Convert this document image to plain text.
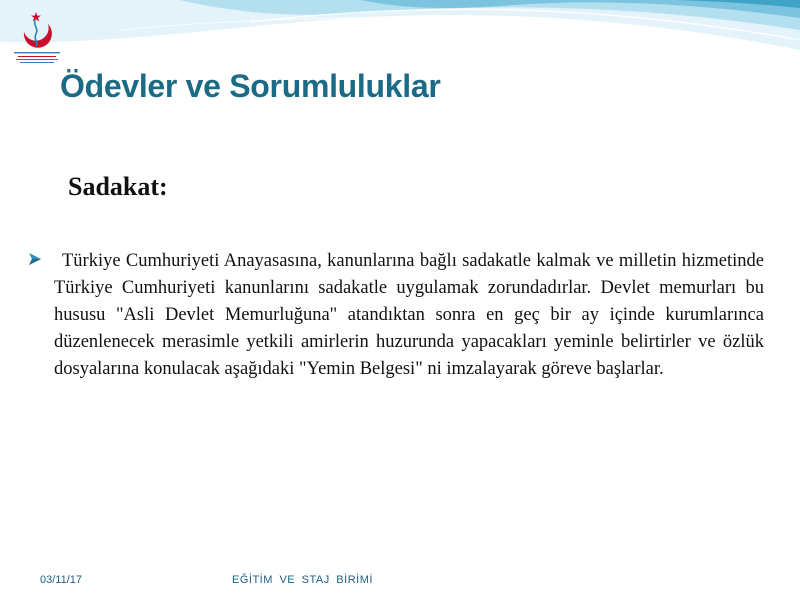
Ödevler ve Sorumluluklar
Sadakat:

Türkiye Cumhuriyeti Anayasasına, kanunlarına bağlı sadakatle kalmak ve milletin hizmetinde Türkiye Cumhuriyeti kanunlarını sadakatle uygulamak zorundadırlar. Devlet memurları bu hususu "Asli Devlet Memurluğuna" atandıktan sonra en geç bir ay içinde kurumlarınca düzenlenecek merasimle yetkili amirlerin huzurunda yapacakları yeminle belirtirler ve özlük dosyalarına konulacak aşağıdaki "Yemin Belgesi" ni imzalayarak göreve başlarlar.

03/11/17	EĞİTİM VE STAJ BİRİMİ
